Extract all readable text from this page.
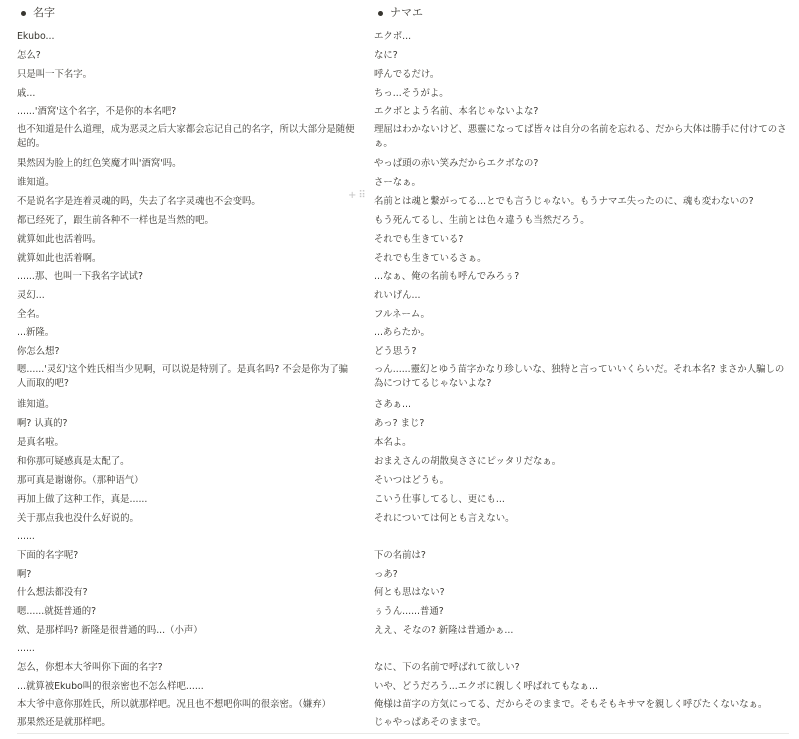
名字
Ekubo...
怎么?
只是叫一下名字。
戚...
......'酒窝'这个名字，不是你的本名吧?
也不知道是什么道理，成为恶灵之后大家都会忘记自己的名字，所以大部分是随便起的。
果然因为脸上的红色笑魔才叫'酒窝'吗。
谁知道。
不是说名字是连着灵魂的吗，失去了名字灵魂也不会变吗。
都已经死了，跟生前各种不一样也是当然的吧。
就算如此也活着吗。
就算如此也活着啊。
......那、也叫一下我名字试试?
灵幻...
全名。
...新隆。
你怎么想?
嗯......'灵幻'这个姓氏相当少见啊，可以说是特别了。是真名吗? 不会是你为了骗人而取的吧?
谁知道。
啊? 认真的?
是真名啦。
和你那可疑感真是太配了。
那可真是谢谢你。（那种语气）
再加上做了这种工作，真是......
关于那点我也没什么好说的。
......
下面的名字呢?
啊?
什么想法都没有?
嗯......就挺普通的?
欸、是那样吗? 新隆是很普通的吗...（小声）
......
怎么，你想本大爷叫你下面的名字?
...就算被Ekubo叫的很亲密也不怎么样吧......
本大爷中意你那姓氏，所以就那样吧。况且也不想吧你叫的很亲密。（嫌弃）
那果然还是就那样吧。
+⠿
ナマエ
エクボ...
なに?
呼んでるだけ。
ちっ...そうがよ。
エクボとよう名前、本名じゃないよな?
理屈はわかないけど、悪靈になってば皆々は自分の名前を忘れる、だから大体は勝手に付けてのさぁ。
やっぱ頭の赤い笑みだからエクボなの?
さーなぁ。
名前とは魂と繋がってる...とでも言うじゃない。もうナマエ失ったのに、魂も変わないの?
もう死んてるし、生前とは色々違うも当然だろう。
それでも生きている?
それでも生きているさぁ。
...なぁ、俺の名前も呼んでみろぅ?
れいげん...
フルネーム。
...あらたか。
どう思う?
っん......靈幻とゆう苗字かなり珍しいな、独特と言っていいくらいだ。それ本名? まさか人騙しの為につけてるじゃないよな?
さあぁ...
あっ? まじ?
本名よ。
おまえさんの胡散臭ささにピッタリだなぁ。
そいつはどうも。
こいう仕事してるし、更にも...
それについては何とも言えない。
下の名前は?
っあ?
何とも思はない?
ぅうん......普通?
ええ、そなの? 新隆は普通かぁ...
なに、下の名前で呼ばれて欲しい?
いや、どうだろう...エクボに親しく呼ばれてもなぁ...
俺様は苗字の方気にってる、だからそのままで。そもそもキサマを親しく呼びたくないなぁ。
じゃやっぱあそのままで。
